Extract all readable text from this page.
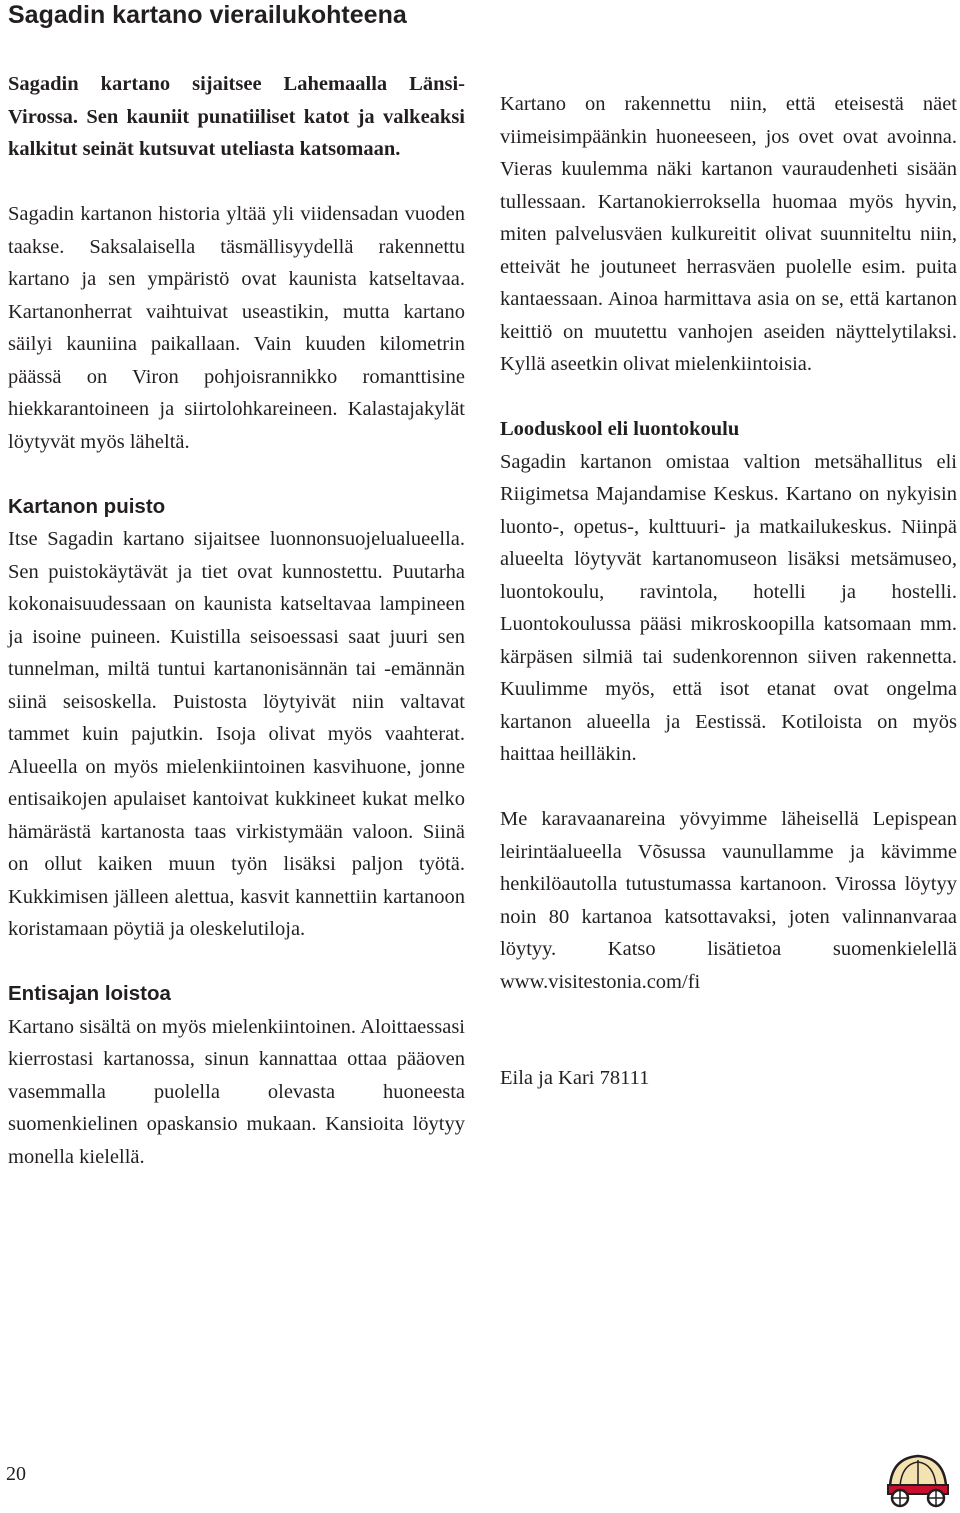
Sagadin kartano vierailukohteena

Sagadin kartano sijaitsee Lahemaalla Länsi-Virossa. Sen kauniit punatiiliset katot ja valkeaksi kalkitut seinät kutsuvat uteliasta katsomaan.

Sagadin kartanon historia yltää yli viidensadan vuoden taakse. Saksalaisella täsmällisyydellä rakennettu kartano ja sen ympäristö ovat kaunista katseltavaa. Kartanonherrat vaihtuivat useastikin, mutta kartano säilyi kauniina paikallaan. Vain kuuden kilometrin päässä on Viron pohjoisrannikko romanttisine hiekkarantoineen ja siirtolohkareineen. Kalastajakylät löytyvät myös läheltä.

Kartanon puisto

Itse Sagadin kartano sijaitsee luonnonsuojelualueella. Sen puistokäytävät ja tiet ovat kunnostettu. Puutarha kokonaisuudessaan on kaunista katseltavaa lampineen ja isoine puineen. Kuistilla seisoessasi saat juuri sen tunnelman, miltä tuntui kartanonisännän tai -emännän siinä seisoskella. Puistosta löytyivät niin valtavat tammet kuin pajutkin. Isoja olivat myös vaahterat. Alueella on myös mielenkiintoinen kasvihuone, jonne entisaikojen apulaiset kantoivat kukkineet kukat melko hämärästä kartanosta taas virkistymään valoon. Siinä on ollut kaiken muun työn lisäksi paljon työtä. Kukkimisen jälleen alettua, kasvit kannettiin kartanoon koristamaan pöytiä ja oleskelutiloja.

Entisajan loistoa

Kartano sisältä on myös mielenkiintoinen. Aloittaessasi kierrostasi kartanossa, sinun kannattaa ottaa pääoven vasemmalla puolella olevasta huoneesta suomenkielinen opaskansio mukaan. Kansioita löytyy monella kielellä.

Kartano on rakennettu niin, että eteisestä näet viimeisimpäänkin huoneeseen, jos ovet ovat avoinna. Vieras kuulemma näki kartanon vauraudenheti sisään tullessaan. Kartanokierroksella huomaa myös hyvin, miten palvelusväen kulkureitit olivat suunniteltu niin, etteivät he joutuneet herrasväen puolelle esim. puita kantaessaan. Ainoa harmittava asia on se, että kartanon keittiö on muutettu vanhojen aseiden näyttelytilaksi. Kyllä aseetkin olivat mielenkiintoisia.

Looduskool eli luontokoulu

Sagadin kartanon omistaa valtion metsähallitus eli Riigimetsa Majandamise Keskus. Kartano on nykyisin luonto-, opetus-, kulttuuri- ja matkailukeskus. Niinpä alueelta löytyvät kartanomuseon lisäksi metsämuseo, luontokoulu, ravintola, hotelli ja hostelli. Luontokoulussa pääsi mikroskoopilla katsomaan mm. kärpäsen silmiä tai sudenkorennon siiven rakennetta. Kuulimme myös, että isot etanat ovat ongelma kartanon alueella ja Eestissä. Kotiloista on myös haittaa heilläkin.

Me karavaanareina yövyimme läheisellä Lepispean leirintäalueella Võsussa vaunullamme ja kävimme henkilöautolla tutustumassa kartanoon. Virossa löytyy noin 80 kartanoa katsottavaksi, joten valinnanvaraa löytyy. Katso lisätietoa suomenkielellä www.visitestonia.com/fi

Eila ja Kari 78111

20
